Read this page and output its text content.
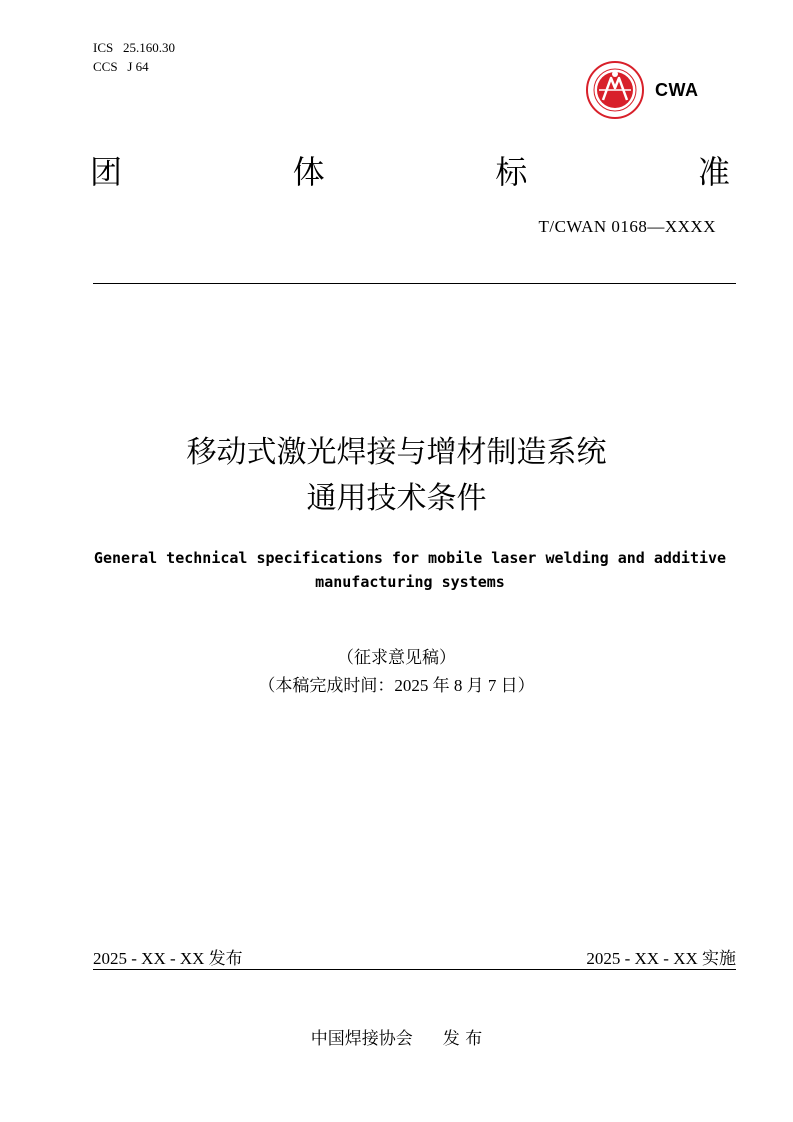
ICS   25.160.30
CCS   J 64
CWA
团	体	标	准
T/CWAN 0168—XXXX
移动式激光焊接与增材制造系统
通用技术条件
General technical specifications for mobile laser welding and additive
manufacturing systems
（征求意见稿）
（本稿完成时间：2025 年 8 月 7 日）
2025 - XX - XX 发布	2025 - XX - XX 实施
中国焊接协会 发 布
